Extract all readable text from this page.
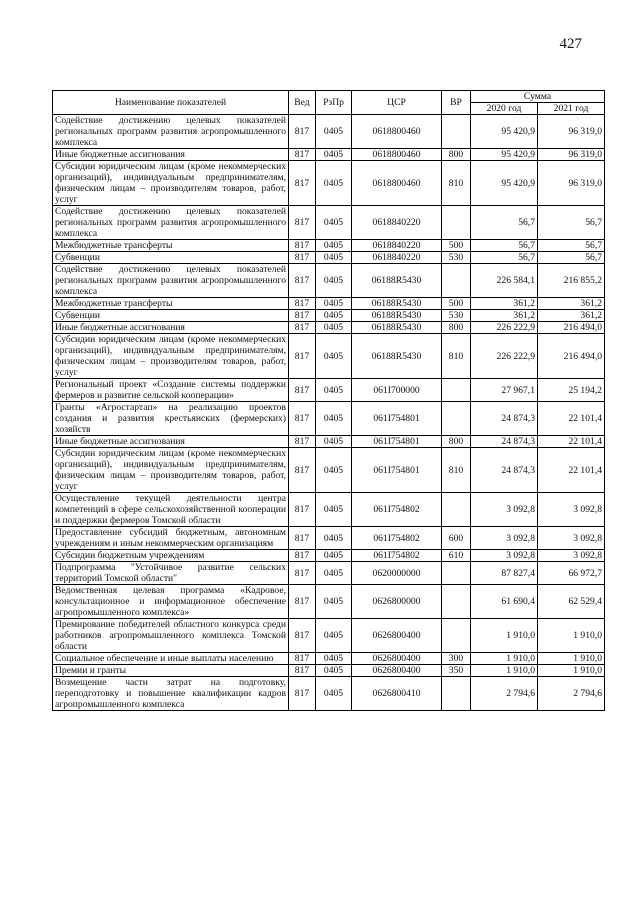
427
Наименование показателей	Вед	РзПр	ЦСР	ВР	Сумма	
					2020 год	2021 год
Содействие достижению целевых показателей региональных программ развития агропромышленного комплекса	817	0405	0618800460		95 420,9	96 319,0
Иные бюджетные ассигнования	817	0405	0618800460	800	95 420,9	96 319,0
Субсидии юридическим лицам (кроме некоммерческих организаций), индивидуальным предпринимателям, физическим лицам – производителям товаров, работ, услуг	817	0405	0618800460	810	95 420,9	96 319,0
Содействие достижению целевых показателей региональных программ развития агропромышленного комплекса	817	0405	0618840220		56,7	56,7
Межбюджетные трансферты	817	0405	0618840220	500	56,7	56,7
Субвенции	817	0405	0618840220	530	56,7	56,7
Содействие достижению целевых показателей региональных программ развития агропромышленного комплекса	817	0405	06188R5430		226 584,1	216 855,2
Межбюджетные трансферты	817	0405	06188R5430	500	361,2	361,2
Субвенции	817	0405	06188R5430	530	361,2	361,2
Иные бюджетные ассигнования	817	0405	06188R5430	800	226 222,9	216 494,0
Субсидии юридическим лицам (кроме некоммерческих организаций), индивидуальным предпринимателям, физическим лицам – производителям товаров, работ, услуг	817	0405	06188R5430	810	226 222,9	216 494,0
Региональный проект «Создание системы поддержки фермеров и развитие сельской кооперации»	817	0405	061I700000		27 967,1	25 194,2
Гранты «Агростартап» на реализацию проектов создания и развития крестьянских (фермерских) хозяйств	817	0405	061I754801		24 874,3	22 101,4
Иные бюджетные ассигнования	817	0405	061I754801	800	24 874,3	22 101,4
Субсидии юридическим лицам (кроме некоммерческих организаций), индивидуальным предпринимателям, физическим лицам – производителям товаров, работ, услуг	817	0405	061I754801	810	24 874,3	22 101,4
Осуществление текущей деятельности центра компетенций в сфере сельскохозяйственной кооперации и поддержки фермеров Томской области	817	0405	061I754802		3 092,8	3 092,8
Предоставление субсидий бюджетным, автономным учреждениям и иным некоммерческим организациям	817	0405	061I754802	600	3 092,8	3 092,8
Субсидии бюджетным учреждениям	817	0405	061I754802	610	3 092,8	3 092,8
Подпрограмма "Устойчивое развитие сельских территорий Томской области"	817	0405	0620000000		87 827,4	66 972,7
Ведомственная целевая программа «Кадровое, консультационное и информационное обеспечение агропромышленного комплекса»	817	0405	0626800000		61 690,4	62 529,4
Премирование победителей областного конкурса среди работников агропромышленного комплекса Томской области	817	0405	0626800400		1 910,0	1 910,0
Социальное обеспечение и иные выплаты населению	817	0405	0626800400	300	1 910,0	1 910,0
Премии и гранты	817	0405	0626800400	350	1 910,0	1 910,0
Возмещение части затрат на подготовку, переподготовку и повышение квалификации кадров агропромышленного комплекса	817	0405	0626800410		2 794,6	2 794,6
